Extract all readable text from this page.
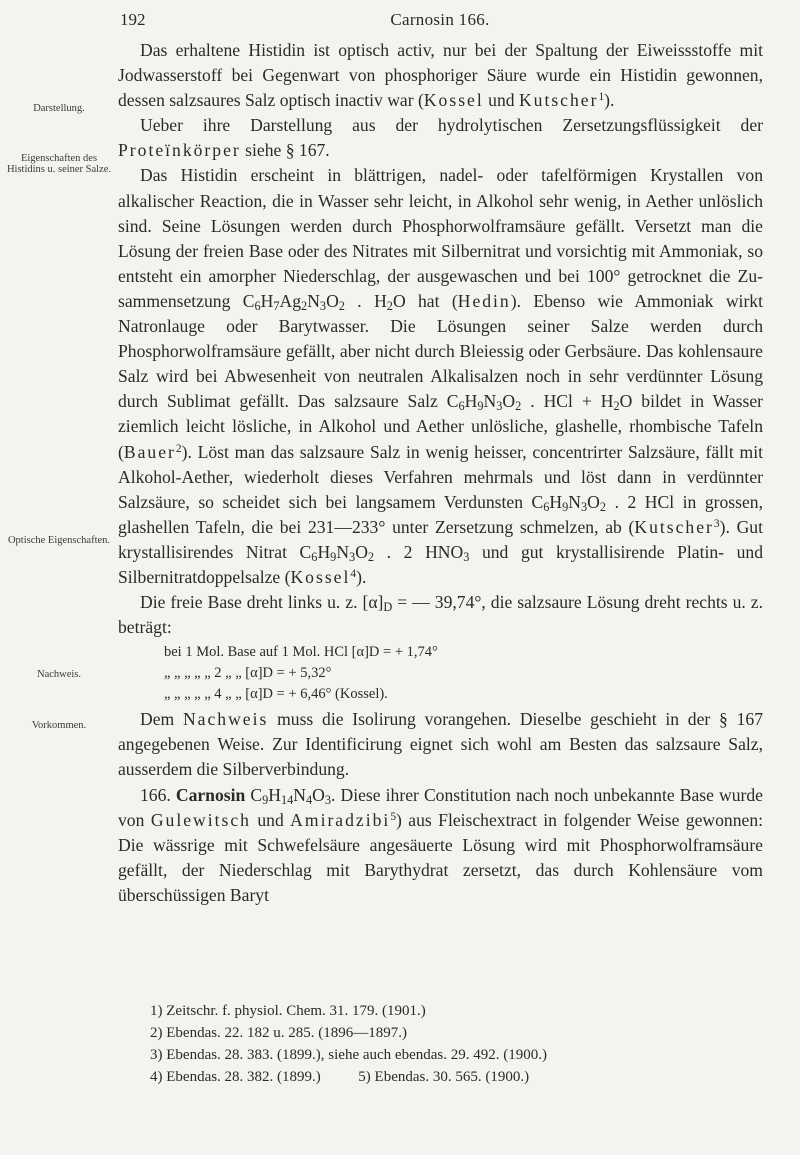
192	Carnosin 166.
Darstellung.
Eigenschaften des Histidins u. seiner Salze.
Optische Eigenschaften.
Nachweis.
Vorkommen.

Das erhaltene Histidin ist optisch activ, nur bei der Spaltung der Eiweissstoffe mit Jodwasserstoff bei Gegenwart von phosphoriger Säure wurde ein Histidin gewonnen, dessen salzsaures Salz optisch inactiv war (Kossel und Kutscher$^1$).

Ueber ihre Darstellung aus der hydrolytischen Zersetzungsflüssigkeit der Proteïnkörper siehe § 167.

Das Histidin erscheint in blättrigen, nadel- oder tafelförmigen Krystallen von alkalischer Reaction, die in Wasser sehr leicht, in Alkohol sehr wenig, in Aether unlöslich sind. Seine Lösungen werden durch Phosphorwolframsäure gefällt. Versetzt man die Lösung der freien Base oder des Nitrates mit Silbernitrat und vorsichtig mit Ammoniak, so entsteht ein amorpher Niederschlag, der ausgewaschen und bei 100° getrocknet die Zusammensetzung $C_6H_7Ag_2N_3O_2$ . $H_2O$ hat (Hedin). Ebenso wie Ammoniak wirkt Natronlauge oder Barytwasser. Die Lösungen seiner Salze werden durch Phosphorwolframsäure gefällt, aber nicht durch Bleiessig oder Gerbsäure. Das kohlensaure Salz wird bei Abwesenheit von neutralen Alkalisalzen noch in sehr verdünnter Lösung durch Sublimat gefällt. Das salzsaure Salz $C_6H_9N_3O_2$ . HCl + $H_2O$ bildet in Wasser ziemlich leicht lösliche, in Alkohol und Aether unlösliche, glashelle, rhombische Tafeln (Bauer$^2$). Löst man das salzsaure Salz in wenig heisser, concentrirter Salzsäure, fällt mit Alkohol-Aether, wiederholt dieses Verfahren mehrmals und löst dann in verdünnter Salzsäure, so scheidet sich bei langsamem Verdunsten $C_6H_9N_3O_2$ . 2 HCl in grossen, glashellen Tafeln, die bei 231—233° unter Zersetzung schmelzen, ab (Kutscher$^3$). Gut krystallisirendes Nitrat $C_6H_9N_3O_2$ . 2 $HNO_3$ und gut krystallisirende Platin- und Silbernitratdoppelsalze (Kossel$^4$).

Die freie Base dreht links u. z. $[\alpha]_D$ = — 39,74°, die salzsaure Lösung dreht rechts u. z. beträgt:

bei 1 Mol. Base auf 1 Mol. HCl [α]D = + 1,74°
„ „ „ „ „ 2 „ „ [α]D = + 5,32°
„ „ „ „ „ 4 „ „ [α]D = + 6,46° (Kossel).

Dem Nachweis muss die Isolirung vorangehen. Dieselbe geschieht in der § 167 angegebenen Weise. Zur Identificirung eignet sich wohl am Besten das salzsaure Salz, ausserdem die Silberverbindung.

166. Carnosin $C_9H_{14}N_4O_3$. Diese ihrer Constitution nach noch unbekannte Base wurde von Gulewitsch und Amiradzibi$^5$) aus Fleischextract in folgender Weise gewonnen: Die wässrige mit Schwefelsäure angesäuerte Lösung wird mit Phosphorwolframsäure gefällt, der Niederschlag mit Barythydrat zersetzt, das durch Kohlensäure vom überschüssigen Baryt

1) Zeitschr. f. physiol. Chem. 31. 179. (1901.)
2) Ebendas. 22. 182 u. 285. (1896—1897.)
3) Ebendas. 28. 383. (1899.), siehe auch ebendas. 29. 492. (1900.)
4) Ebendas. 28. 382. (1899.)          5) Ebendas. 30. 565. (1900.)
